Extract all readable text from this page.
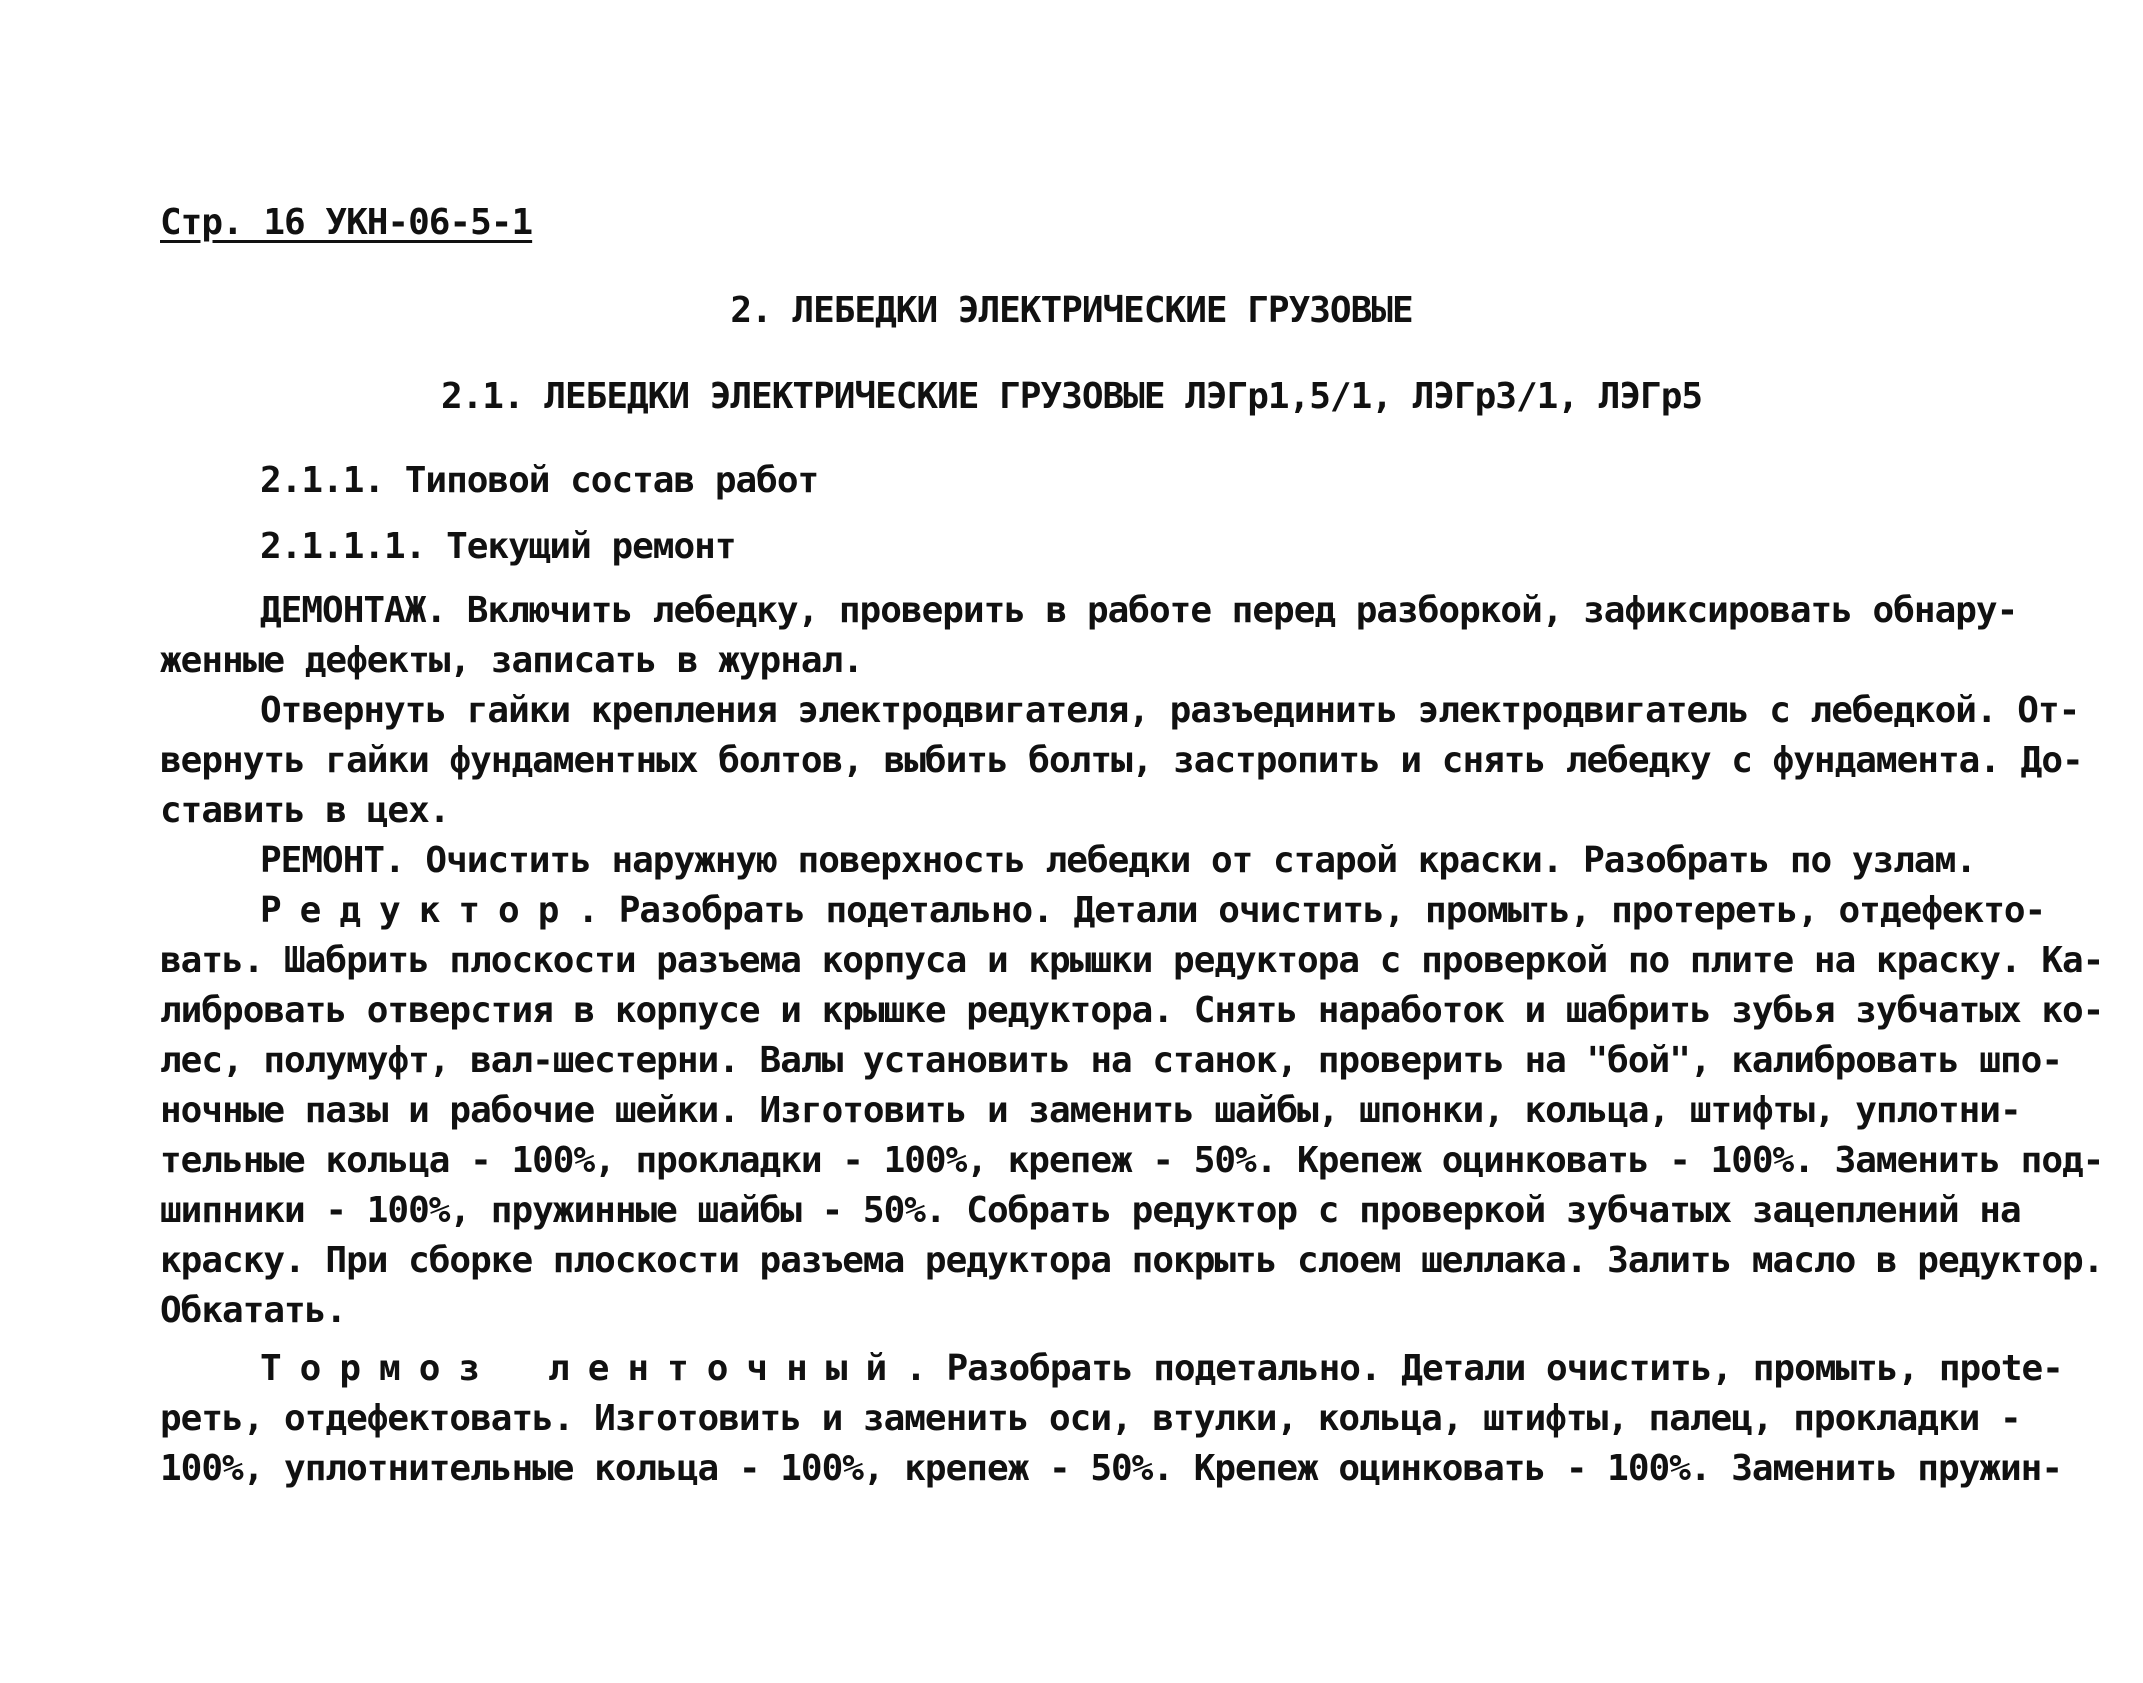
Стр. 16 УКН-06-5-1
2. ЛЕБЕДКИ ЭЛЕКТРИЧЕСКИЕ ГРУЗОВЫЕ
2.1. ЛЕБЕДКИ ЭЛЕКТРИЧЕСКИЕ ГРУЗОВЫЕ ЛЭГр1,5/1, ЛЭГр3/1, ЛЭГр5
2.1.1. Типовой состав работ
2.1.1.1. Текущий ремонт
ДЕМОНТАЖ. Включить лебедку, проверить в работе перед разборкой, зафиксировать обнару-
женные дефекты, записать в журнал.
Отвернуть гайки крепления электродвигателя, разъединить электродвигатель с лебедкой. От-
вернуть гайки фундаментных болтов, выбить болты, застропить и снять лебедку с фундамента. До-
ставить в цех.
РЕМОНТ. Очистить наружную поверхность лебедки от старой краски. Разобрать по узлам.
Редуктор. Разобрать подетально. Детали очистить, промыть, протереть, отдефекто-
вать. Шабрить плоскости разъема корпуса и крышки редуктора с проверкой по плите на краску. Ка-
либровать отверстия в корпусе и крышке редуктора. Снять наработок и шабрить зубья зубчатых ко-
лес, полумуфт, вал-шестерни. Валы установить на станок, проверить на "бой", калибровать шпо-
ночные пазы и рабочие шейки. Изготовить и заменить шайбы, шпонки, кольца, штифты, уплотни-
тельные кольца - 100%, прокладки - 100%, крепеж - 50%. Крепеж оцинковать - 100%. Заменить под-
шипники - 100%, пружинные шайбы - 50%. Собрать редуктор с проверкой зубчатых зацеплений на
краску. При сборке плоскости разъема редуктора покрыть слоем шеллака. Залить масло в редуктор.
Обкатать.
Тормоз ленточный. Разобрать подетально. Детали очистить, промыть, прote-
реть, отдефектовать. Изготовить и заменить оси, втулки, кольца, штифты, палец, прокладки -
100%, уплотнительные кольца - 100%, крепеж - 50%. Крепеж оцинковать - 100%. Заменить пружин-
